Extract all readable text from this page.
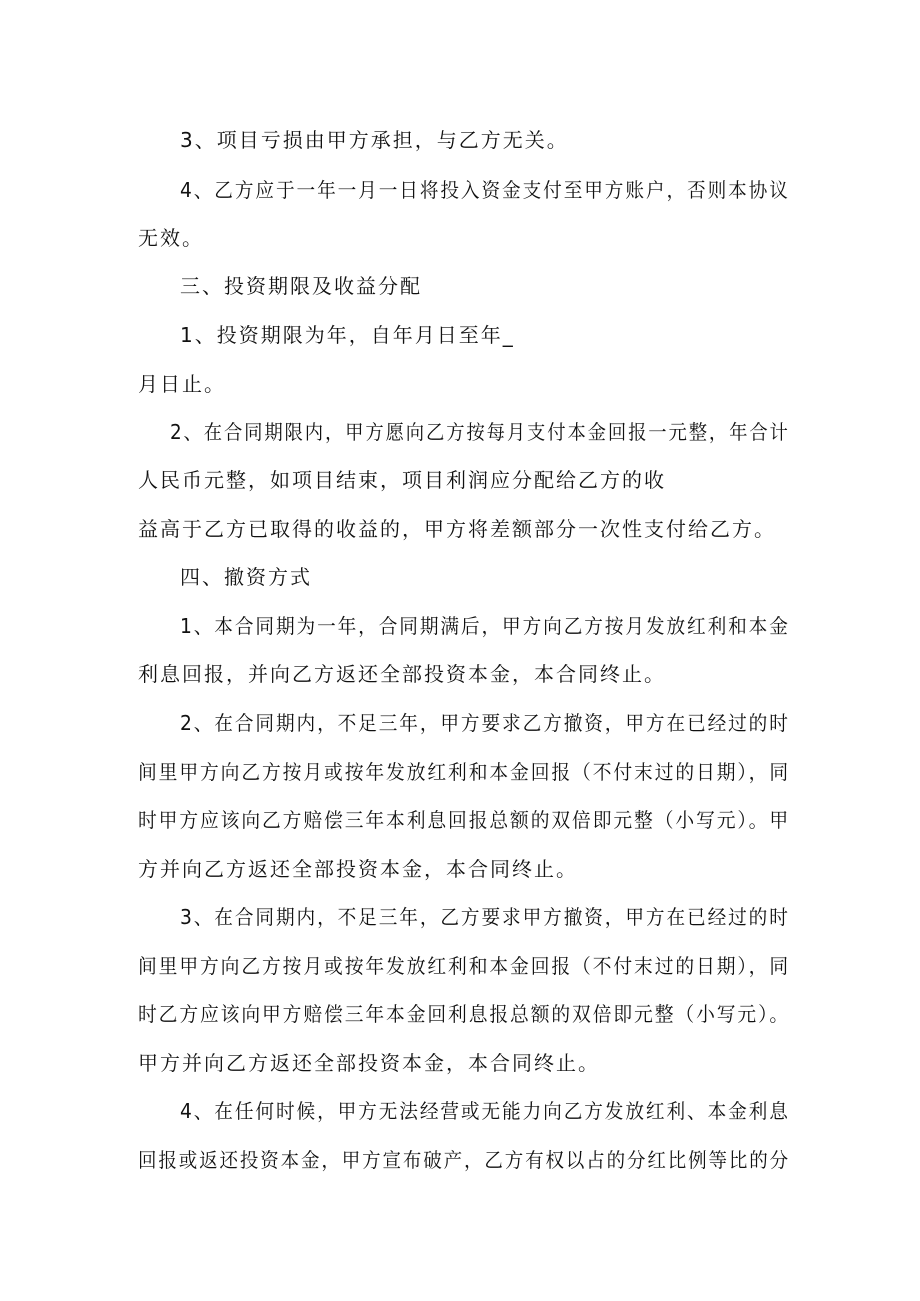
3、项目亏损由甲方承担，与乙方无关。
4、乙方应于一年一月一日将投入资金支付至甲方账户，否则本协议
无效。
三、投资期限及收益分配
1、投资期限为年，自年月日至年_
月日止。
2、在合同期限内，甲方愿向乙方按每月支付本金回报一元整，年合计
人民币元整，如项目结束，项目利润应分配给乙方的收
益高于乙方已取得的收益的，甲方将差额部分一次性支付给乙方。
四、撤资方式
1、本合同期为一年，合同期满后，甲方向乙方按月发放红利和本金
利息回报，并向乙方返还全部投资本金，本合同终止。
2、在合同期内，不足三年，甲方要求乙方撤资，甲方在已经过的时
间里甲方向乙方按月或按年发放红利和本金回报（不付末过的日期），同
时甲方应该向乙方赔偿三年本利息回报总额的双倍即元整（小写元）。甲
方并向乙方返还全部投资本金，本合同终止。
3、在合同期内，不足三年，乙方要求甲方撤资，甲方在已经过的时
间里甲方向乙方按月或按年发放红利和本金回报（不付末过的日期），同
时乙方应该向甲方赔偿三年本金回利息报总额的双倍即元整（小写元）。
甲方并向乙方返还全部投资本金，本合同终止。
4、在任何时候，甲方无法经营或无能力向乙方发放红利、本金利息
回报或返还投资本金，甲方宣布破产，乙方有权以占的分红比例等比的分
